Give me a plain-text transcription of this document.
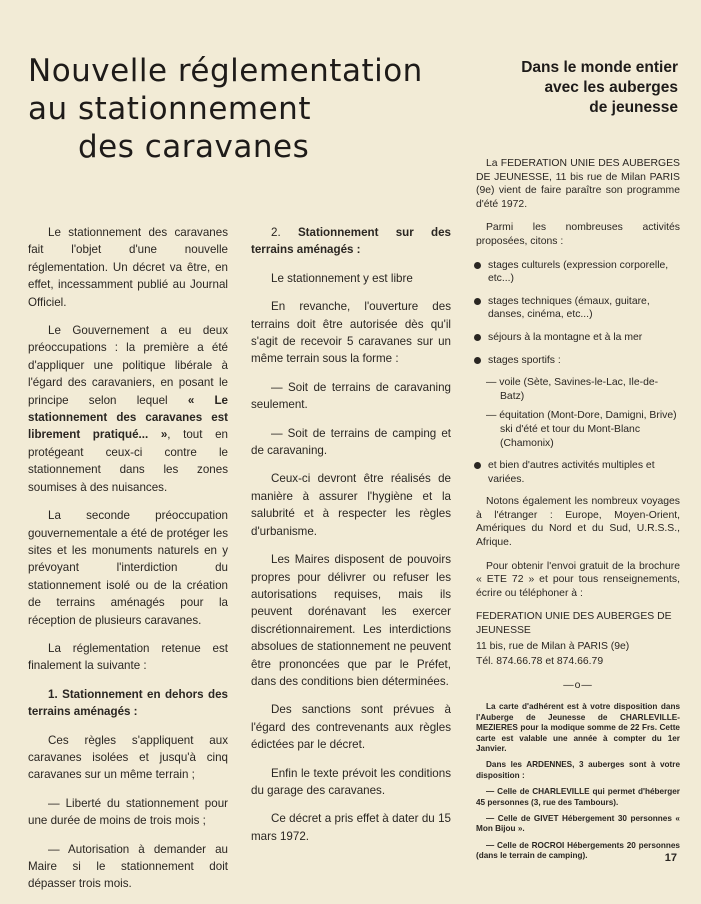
Nouvelle réglementation
au stationnement
des caravanes

Le stationnement des caravanes fait l'objet d'une nouvelle réglementation. Un décret va être, en effet, incessamment publié au Journal Officiel.

Le Gouvernement a eu deux préoccupations : la première a été d'appliquer une politique libérale à l'égard des caravaniers, en posant le principe selon lequel « Le stationnement des caravanes est librement pratiqué... », tout en protégeant ceux-ci contre le stationnement dans les zones soumises à des nuisances.

La seconde préoccupation gouvernementale a été de protéger les sites et les monuments naturels en y prévoyant l'interdiction du stationnement isolé ou de la création de terrains aménagés pour la réception de plusieurs caravanes.

La réglementation retenue est finalement la suivante :

1. Stationnement en dehors des terrains aménagés :

Ces règles s'appliquent aux caravanes isolées et jusqu'à cinq caravanes sur un même terrain ;

— Liberté du stationnement pour une durée de moins de trois mois ;

— Autorisation à demander au Maire si le stationnement doit dépasser trois mois.

2. Stationnement sur des terrains aménagés :

Le stationnement y est libre

En revanche, l'ouverture des terrains doit être autorisée dès qu'il s'agit de recevoir 5 caravanes sur un même terrain sous la forme :

— Soit de terrains de caravaning seulement.

— Soit de terrains de camping et de caravaning.

Ceux-ci devront être réalisés de manière à assurer l'hygiène et la salubrité et à respecter les règles d'urbanisme.

Les Maires disposent de pouvoirs propres pour délivrer ou refuser les autorisations requises, mais ils peuvent dorénavant les exercer discrétionnairement. Les interdictions absolues de stationnement ne peuvent être prononcées que par le Préfet, dans des conditions bien déterminées.

Des sanctions sont prévues à l'égard des contrevenants aux règles édictées par le décret.

Enfin le texte prévoit les conditions du garage des caravanes.

Ce décret a pris effet à dater du 15 mars 1972.

Dans le monde entier
avec les auberges
de jeunesse

La FEDERATION UNIE DES AUBERGES DE JEUNESSE, 11 bis rue de Milan PARIS (9e) vient de faire paraître son programme d'été 1972.

Parmi les nombreuses activités proposées, citons :

stages culturels (expression corporelle, etc...)
stages techniques (émaux, guitare, danses, cinéma, etc...)
séjours à la montagne et à la mer
stages sportifs :

— voile (Sète, Savines-le-Lac, Ile-de-Batz)

— équitation (Mont-Dore, Damigni, Brive)

ski d'été et tour du Mont-Blanc (Chamonix)

et bien d'autres activités multiples et variées.

Notons également les nombreux voyages à l'étranger : Europe, Moyen-Orient, Amériques du Nord et du Sud, U.R.S.S., Afrique.

Pour obtenir l'envoi gratuit de la brochure « ETE 72 » et pour tous renseignements, écrire ou téléphoner à :

FEDERATION UNIE DES AUBERGES DE JEUNESSE

11 bis, rue de Milan à PARIS (9e)

Tél. 874.66.78 et 874.66.79

—o—

La carte d'adhérent est à votre disposition dans l'Auberge de Jeunesse de CHARLEVILLE-MEZIERES pour la modique somme de 22 Frs. Cette carte est valable une année à compter du 1er Janvier.

Dans les ARDENNES, 3 auberges sont à votre disposition :

— Celle de CHARLEVILLE qui permet d'héberger 45 personnes (3, rue des Tambours).

— Celle de GIVET Hébergement 30 personnes « Mon Bijou ».

— Celle de ROCROI Hébergements 20 personnes (dans le terrain de camping).	17
